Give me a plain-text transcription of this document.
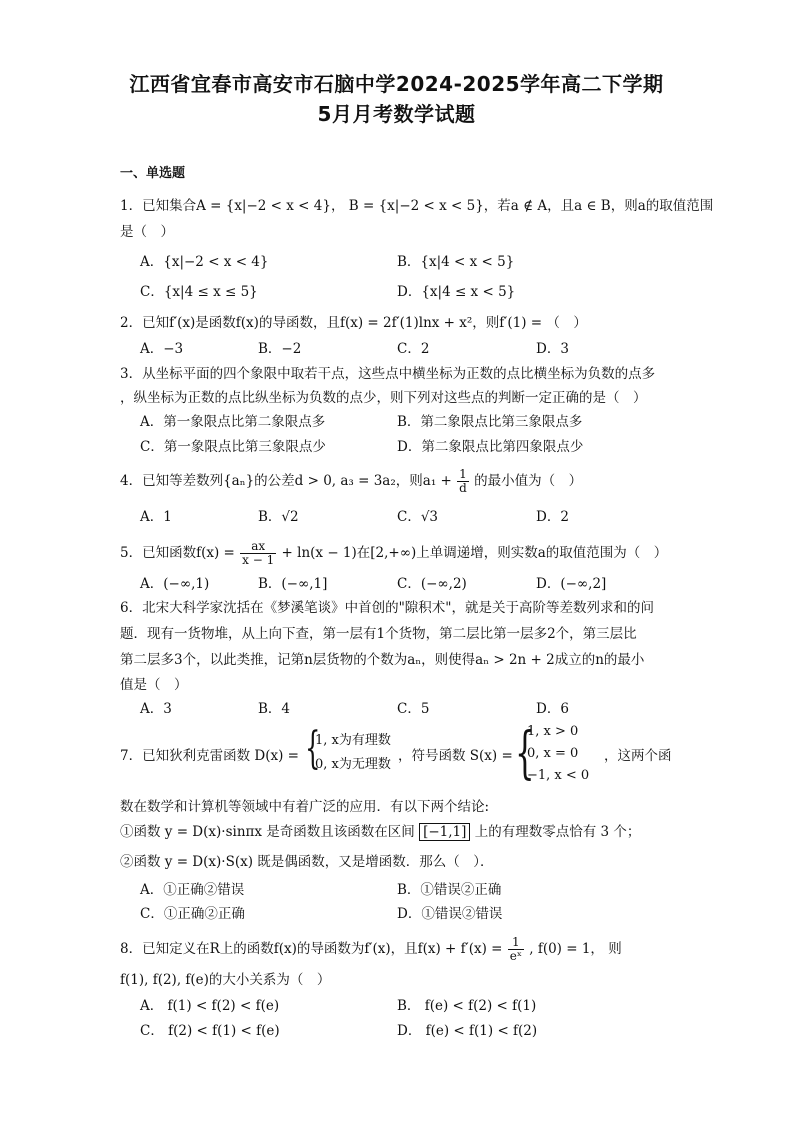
江西省宜春市高安市石脑中学2024-2025学年高二下学期
5月月考数学试题
一、单选题
1．已知集合A = {x|−2 < x < 4}， B = {x|−2 < x < 5}，若a ∉ A，且a ∈ B，则a的取值范围
是（　）
A．{x|−2 < x < 4}	B．{x|4 < x < 5}
C．{x|4 ≤ x ≤ 5}	D．{x|4 ≤ x < 5}
2．已知f′(x)是函数f(x)的导函数，且f(x) = 2f′(1)lnx + x²，则f′(1) = （　）
A．−3	B．−2	C．2	D．3
3．从坐标平面的四个象限中取若干点，这些点中横坐标为正数的点比横坐标为负数的点多
，纵坐标为正数的点比纵坐标为负数的点少，则下列对这些点的判断一定正确的是（　）
A．第一象限点比第二象限点多	B．第二象限点比第三象限点多
C．第一象限点比第三象限点少	D．第二象限点比第四象限点少
4．已知等差数列{aₙ}的公差d > 0, a₃ = 3a₂，则$a_1 + \frac{1}{d}$ 的最小值为（　）
A．1	B．√2	C．√3	D．2
5．已知函数$f(x) = \frac{ax}{x - 1} + \ln(x - 1)$在[2,+∞)上单调递增，则实数a的取值范围为（　）
A．(−∞,1)	B．(−∞,1]	C．(−∞,2)	D．(−∞,2]
6．北宋大科学家沈括在《梦溪笔谈》中首创的"隙积术"，就是关于高阶等差数列求和的问
题．现有一货物堆，从上向下查，第一层有1个货物，第二层比第一层多2个，第三层比
第二层多3个，以此类推，记第n层货物的个数为aₙ，则使得aₙ > 2n + 2成立的n的最小
值是（　）
A．3	B．4	C．5	D．6
7．已知狄利克雷函数 D(x) = {
1, x为有理数
0, x为无理数
，符号函数 S(x) = {
1, x > 0
0, x = 0
−1, x < 0
，这两个函
数在数学和计算机等领域中有着广泛的应用．有以下两个结论:
①函数 y = D(x)·sinπx 是奇函数且该函数在区间 [−1,1] 上的有理数零点恰有 3 个；
②函数 y = D(x)·S(x) 既是偶函数，又是增函数．那么（　）．
A．①正确②错误	B．①错误②正确
C．①正确②正确	D．①错误②错误
8．已知定义在R上的函数f(x)的导函数为f′(x)，且$f(x) + f'(x) = \frac{1}{\text{eˣ}}$ , f(0) = 1， 则
f(1), f(2), f(e)的大小关系为（　）
A． f(1) < f(2) < f(e)	B． f(e) < f(2) < f(1)
C． f(2) < f(1) < f(e)	D． f(e) < f(1) < f(2)
